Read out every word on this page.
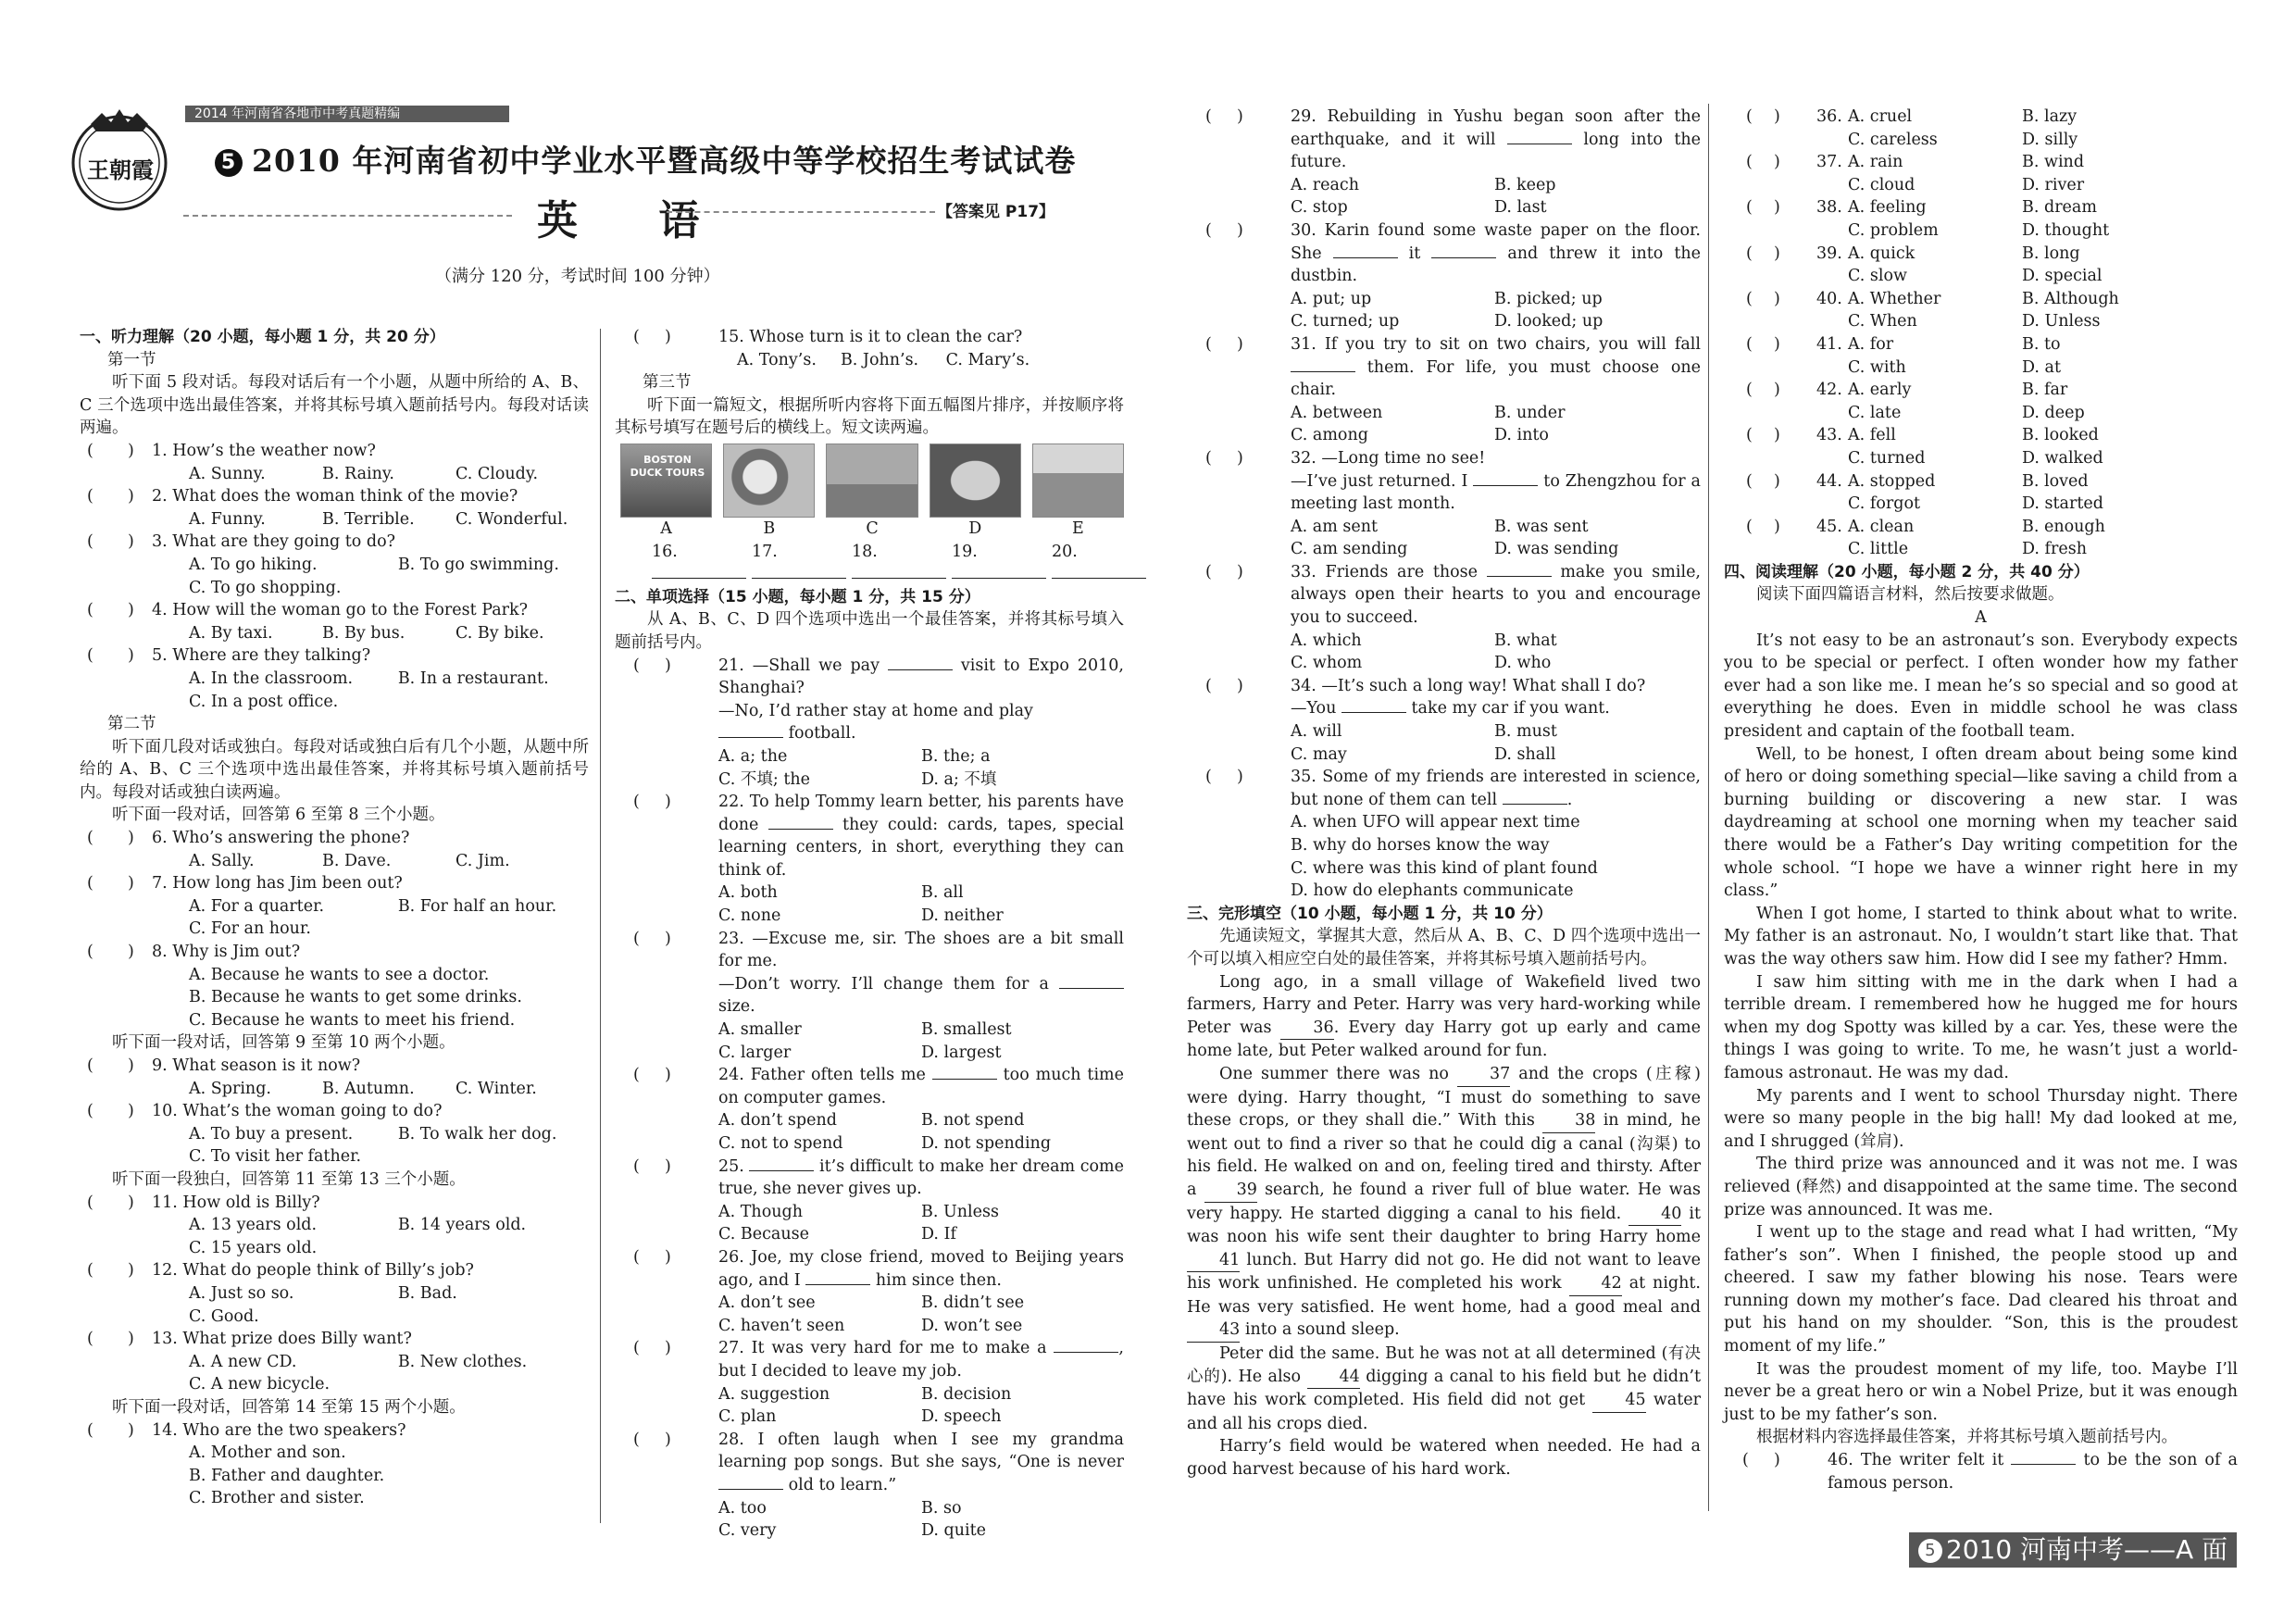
王朝霞
2014 年河南省各地市中考真题精编
5 2010 年河南省初中学业水平暨高级中等学校招生考试试卷
英 语	【答案见 P17】
（满分 120 分，考试时间 100 分钟）
一、听力理解（20 小题，每小题 1 分，共 20 分）
第一节
听下面 5 段对话。每段对话后有一个小题，从题中所给的 A、B、C 三个选项中选出最佳答案，并将其标号填入题前括号内。每段对话读两遍。
( ) 1. How’s the weather now?
A. Sunny.	B. Rainy.	C. Cloudy.
( ) 2. What does the woman think of the movie?
A. Funny.	B. Terrible.	C. Wonderful.
( ) 3. What are they going to do?
A. To go hiking.	B. To go swimming.
C. To go shopping.
( ) 4. How will the woman go to the Forest Park?
A. By taxi.	B. By bus.	C. By bike.
( ) 5. Where are they talking?
A. In the classroom.	B. In a restaurant.
C. In a post office.
第二节
听下面几段对话或独白。每段对话或独白后有几个小题，从题中所给的 A、B、C 三个选项中选出最佳答案，并将其标号填入题前括号内。每段对话或独白读两遍。
听下面一段对话，回答第 6 至第 8 三个小题。
( ) 6. Who’s answering the phone?
A. Sally.	B. Dave.	C. Jim.
( ) 7. How long has Jim been out?
A. For a quarter.	B. For half an hour.
C. For an hour.
( ) 8. Why is Jim out?
A. Because he wants to see a doctor.
B. Because he wants to get some drinks.
C. Because he wants to meet his friend.
听下面一段对话，回答第 9 至第 10 两个小题。
( ) 9. What season is it now?
A. Spring.	B. Autumn.	C. Winter.
( ) 10. What’s the woman going to do?
A. To buy a present.	B. To walk her dog.
C. To visit her father.
听下面一段独白，回答第 11 至第 13 三个小题。
( ) 11. How old is Billy?
A. 13 years old.	B. 14 years old.
C. 15 years old.
( ) 12. What do people think of Billy’s job?
A. Just so so.	B. Bad.
C. Good.
( ) 13. What prize does Billy want?
A. A new CD.	B. New clothes.
C. A new bicycle.
听下面一段对话，回答第 14 至第 15 两个小题。
( ) 14. Who are the two speakers?
A. Mother and son.
B. Father and daughter.
C. Brother and sister.
( )	15. Whose turn is it to clean the car?
A. Tony’s.	B. John’s.	C. Mary’s.
第三节
听下面一篇短文，根据所听内容将下面五幅图片排序，并按顺序将其标号填写在题号后的横线上。短文读两遍。
BOSTON DUCK TOURS
A	B	C	D	E
16.	17.	18.	19.	20.
二、单项选择（15 小题，每小题 1 分，共 15 分）
从 A、B、C、D 四个选项中选出一个最佳答案，并将其标号填入题前括号内。
( )	21. —Shall we pay	visit to Expo 2010, Shanghai?
—No, I’d rather stay at home and play
football.
A. a; the	B. the; a
C. 不填; the	D. a; 不填
( )	22. To help Tommy learn better, his parents have done	they could: cards, tapes, special learning centers, in short, everything they can think of.
A. both	B. all
C. none	D. neither
( )	23. —Excuse me, sir. The shoes are a bit small for me.
—Don’t worry. I’ll change them for a  size.
A. smaller	B. smallest
C. larger	D. largest
( )	24. Father often tells me	too much time on computer games.
A. don’t spend	B. not spend
C. not to spend	D. not spending
( )	25.	it’s difficult to make her dream come true, she never gives up.
A. Though	B. Unless
C. Because	D. If
( )	26. Joe, my close friend, moved to Beijing years ago, and I	him since then.
A. don’t see	B. didn’t see
C. haven’t seen	D. won’t see
( )	27. It was very hard for me to make a	, but I decided to leave my job.
A. suggestion	B. decision
C. plan	D. speech
( )	28. I often laugh when I see my grandma learning pop songs. But she says, “One is never  old to learn.”
A. too	B. so
C. very	D. quite
( )	29. Rebuilding in Yushu began soon after the earthquake, and it will	long into the future.
A. reach	B. keep
C. stop	D. last
( )	30. Karin found some waste paper on the floor. She	it	and threw it into the dustbin.
A. put; up	B. picked; up
C. turned; up	D. looked; up
( )	31. If you try to sit on two chairs, you will fall  them. For life, you must choose one chair.
A. between	B. under
C. among	D. into
( )	32. —Long time no see!
—I’ve just returned. I	to Zhengzhou for a meeting last month.
A. am sent	B. was sent
C. am sending	D. was sending
( )	33. Friends are those	make you smile, always open their hearts to you and encourage you to succeed.
A. which	B. what
C. whom	D. who
( )	34. —It’s such a long way! What shall I do?
—You	take my car if you want.
A. will	B. must
C. may	D. shall
( )	35. Some of my friends are interested in science, but none of them can tell	.
A. when UFO will appear next time
B. why do horses know the way
C. where was this kind of plant found
D. how do elephants communicate
三、完形填空（10 小题，每小题 1 分，共 10 分）
先通读短文，掌握其大意，然后从 A、B、C、D 四个选项中选出一个可以填入相应空白处的最佳答案，并将其标号填入题前括号内。
Long ago, in a small village of Wakefield lived two farmers, Harry and Peter. Harry was very hard-working while Peter was	36. Every day Harry got up early and came home late, but Peter walked around for fun.
One summer there was no	37 and the crops (庄稼) were dying. Harry thought, “I must do something to save these crops, or they shall die.” With this 38 in mind, he went out to find a river so that he could dig a canal (沟渠) to his field. He walked on and on, feeling tired and thirsty. After a 39 search, he found a river full of blue water. He was very happy. He started digging a canal to his field. 40 it was noon his wife sent their daughter to bring Harry home 41 lunch. But Harry did not go. He did not want to leave his work unfinished. He completed his work 42 at night. He was very satisfied. He went home, had a good meal and 43 into a sound sleep.
Peter did the same. But he was not at all determined (有决心的). He also 44 digging a canal to his field but he didn’t have his work completed. His field did not get 45 water and all his crops died.
Harry’s field would be watered when needed. He had a good harvest because of his hard work.
( ) 36. A. cruel	B. lazy
C. careless	D. silly
( ) 37. A. rain	B. wind
C. cloud	D. river
( ) 38. A. feeling	B. dream
C. problem	D. thought
( ) 39. A. quick	B. long
C. slow	D. special
( ) 40. A. Whether	B. Although
C. When	D. Unless
( ) 41. A. for	B. to
C. with	D. at
( ) 42. A. early	B. far
C. late	D. deep
( ) 43. A. fell	B. looked
C. turned	D. walked
( ) 44. A. stopped	B. loved
C. forgot	D. started
( ) 45. A. clean	B. enough
C. little	D. fresh
四、阅读理解（20 小题，每小题 2 分，共 40 分）
阅读下面四篇语言材料，然后按要求做题。
A
It’s not easy to be an astronaut’s son. Everybody expects you to be special or perfect. I often wonder how my father ever had a son like me. I mean he’s so special and so good at everything he does. Even in middle school he was class president and captain of the football team.
Well, to be honest, I often dream about being some kind of hero or doing something special—like saving a child from a burning building or discovering a new star. I was daydreaming at school one morning when my teacher said there would be a Father’s Day writing competition for the whole school. “I hope we have a winner right here in my class.”
When I got home, I started to think about what to write. My father is an astronaut. No, I wouldn’t start like that. That was the way others saw him. How did I see my father? Hmm.
I saw him sitting with me in the dark when I had a terrible dream. I remembered how he hugged me for hours when my dog Spotty was killed by a car. Yes, these were the things I was going to write. To me, he wasn’t just a world-famous astronaut. He was my dad.
My parents and I went to school Thursday night. There were so many people in the big hall! My dad looked at me, and I shrugged (耸肩).
The third prize was announced and it was not me. I was relieved (释然) and disappointed at the same time. The second prize was announced. It was me.
I went up to the stage and read what I had written, “My father’s son”. When I finished, the people stood up and cheered. I saw my father blowing his nose. Tears were running down my mother’s face. Dad cleared his throat and put his hand on my shoulder. “Son, this is the proudest moment of my life.”
It was the proudest moment of my life, too. Maybe I’ll never be a great hero or win a Nobel Prize, but it was enough just to be my father’s son.
根据材料内容选择最佳答案，并将其标号填入题前括号内。
( )	46. The writer felt it	to be the son of a famous person.
5 2010 河南中考——A 面
